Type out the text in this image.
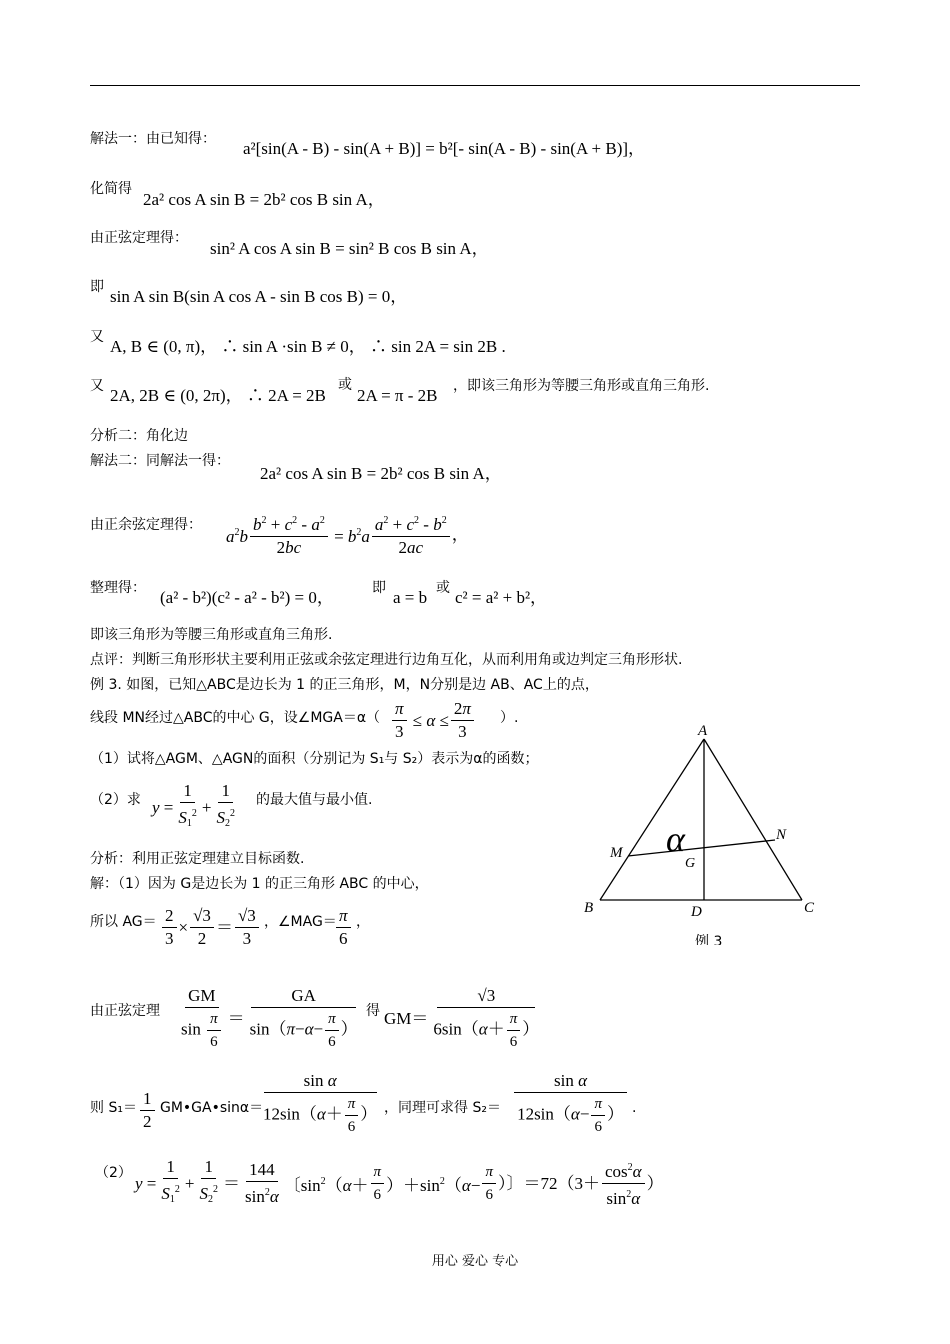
解法一：由已知得： a²[sin(A - B) - sin(A + B)] = b²[- sin(A - B) - sin(A + B)]，
化简得
2a² cos A sin B = 2b² cos B sin A，
由正弦定理得：
sin² A cos A sin B = sin² B cos B sin A，
即 sin A sin B(sin A cos A - sin B cos B) = 0，
又 A, B ∈ (0, π)， ∴ sin A ·sin B ≠ 0， ∴ sin 2A = sin 2B .
又 2A, 2B ∈ (0, 2π)， ∴ 2A = 2B
或
2A = π - 2B ，即该三角形为等腰三角形或直角三角形.
分析二：角化边
解法二：同解法一得：
2a² cos A sin B = 2b² cos B sin A，
由正余弦定理得：
$a^2b \frac{b^2 + c^2 - a^2}{2bc} = b^2a \frac{a^2 + c^2 - b^2}{2ac}$ ，
整理得： (a² - b²)(c² - a² - b²) = 0，	即 a = b 或 c² = a² + b²，
即该三角形为等腰三角形或直角三角形.
点评：判断三角形形状主要利用正弦或余弦定理进行边角互化，从而利用角或边判定三角形形状.
例 3. 如图，已知△ABC是边长为 1 的正三角形，M，N分别是边 AB、AC上的点，
线段 MN经过△ABC的中心 G，设∠MGA＝α（ $\frac{\pi}{3} \le \alpha \le \frac{2\pi}{3}$ ）.
（1）试将△AGM、△AGN的面积（分别记为 S₁与 S₂）表示为α的函数；
（2）求 $y = \frac{1}{S_1^2} + \frac{1}{S_2^2}$ 的最大值与最小值.
分析：利用正弦定理建立目标函数.
解：（1）因为 G是边长为 1 的正三角形 ABC 的中心，
所以 $AG= \frac{2}{3} \times \frac{√3}{2} = \frac{√3}{3}$ ，∠MAG＝ $\frac{\pi}{6}$ ，
由正弦定理 $\frac{GM}{\sin \frac{\pi}{6}} = \frac{GA}{\sin(\pi-\alpha- \frac{\pi}{6} )}$ 得 $GM= \frac{√3}{6\sin(\alpha+ \frac{\pi}{6} )}$
则 $S_1= \frac{1}{2}$ GM•GA•sinα＝
$\frac{\text{sin α}}{12\sin(\alpha+ \frac{\pi}{6} )}$ ，同理可求得 $S_2= \frac{\text{sin α}}{12\sin(\alpha- \frac{\pi}{6} )}$ .
（2）
$y = \frac{1}{S_1^2} + \frac{1}{S_2^2} = \frac{144}{\sin^2\alpha}$ 〔$\sin^2(\alpha+ \frac{\pi}{6} )+\sin^2(\alpha- \frac{\pi}{6}$ ）〕$=72(3+ \frac{\cos^2\alpha}{\sin^2\alpha}$ ）
A
B	C
D
M
N
G
α
例 3
用心 爱心 专心
